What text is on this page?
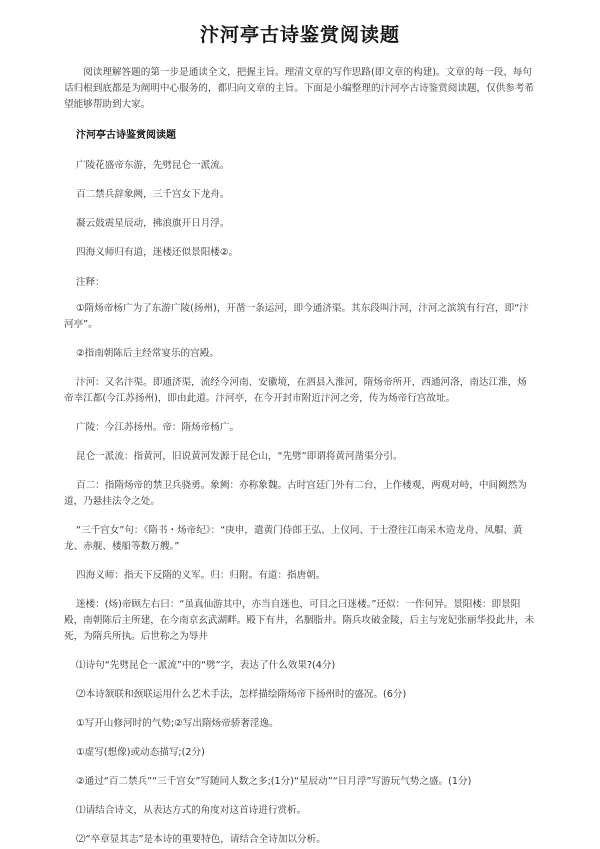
汴河亭古诗鉴赏阅读题

阅读理解答题的第一步是通读全文，把握主旨。理清文章的写作思路(即文章的构建)。文章的每一段、每句话归根到底都是为阐明中心服务的，都归向文章的主旨。下面是小编整理的汴河亭古诗鉴赏阅读题，仅供参考希望能够帮助到大家。

汴河亭古诗鉴赏阅读题

广陵花盛帝东游，先劈昆仑一派流。

百二禁兵辞象阙，三千宫女下龙舟。

凝云鼓震星辰动，拂浪旗开日月浮。

四海义师归有道，迷楼还似景阳楼②。

注释：

①隋炀帝杨广为了东游广陵(扬州)，开凿一条运河，即今通济渠。其东段叫汴河，汴河之滨筑有行宫，即“汴河亭”。

②指南朝陈后主经常宴乐的宫殿。

汴河：又名汴渠。即通济渠，流经今河南、安徽境，在泗县入淮河，隋炀帝所开，西通河洛，南达江淮，炀帝幸江都(今江苏扬州)，即由此道。汴河亭，在今开封市附近汴河之旁，传为炀帝行宫故址。

广陵：今江苏扬州。帝：隋炀帝杨广。

昆仑一派流：指黄河，旧说黄河发源于昆仑山，“先劈”即谓将黄河凿渠分引。

百二：指隋炀帝的禁卫兵骁勇。象阙：亦称象魏。古时宫廷门外有二台，上作楼观，两观对峙，中间阙然为道，乃悬挂法令之处。

“三千宫女”句：《隋书・炀帝纪》：“庚申，遣黄门侍郎王弘、上仪同、于士澄往江南采木造龙舟、凤艒、黄龙、赤舰、楼船等数万艘。”

四海义师：指天下反隋的义军。归：归附。有道：指唐朝。

迷楼：(炀)帝顾左右曰：“虽真仙游其中，亦当自迷也，可目之曰迷楼。”还似：一作何异。景阳楼：即景阳殿，南朝陈后主所建，在今南京玄武湖畔。殿下有井，名胭脂井。隋兵攻破金陵，后主与宠妃张丽华投此井，未死，为隋兵所执。后世称之为辱井

⑴诗句“先劈昆仑一派流”中的“劈”字，表达了什么效果?(4分)

⑵本诗颔联和颈联运用什么艺术手法，怎样描绘隋炀帝下扬州时的盛况。(6分)

①写开山修河时的气势;②写出隋炀帝骄奢淫逸。

①虚写(想像)或动态描写;(2分)

②通过“百二禁兵”“三千宫女”写随同人数之多;(1分)“星辰动”“日月浮”写游玩气势之盛。(1分)

⑴请结合诗文，从表达方式的角度对这首诗进行赏析。

⑵“卒章显其志”是本诗的重要特色，请结合全诗加以分析。
